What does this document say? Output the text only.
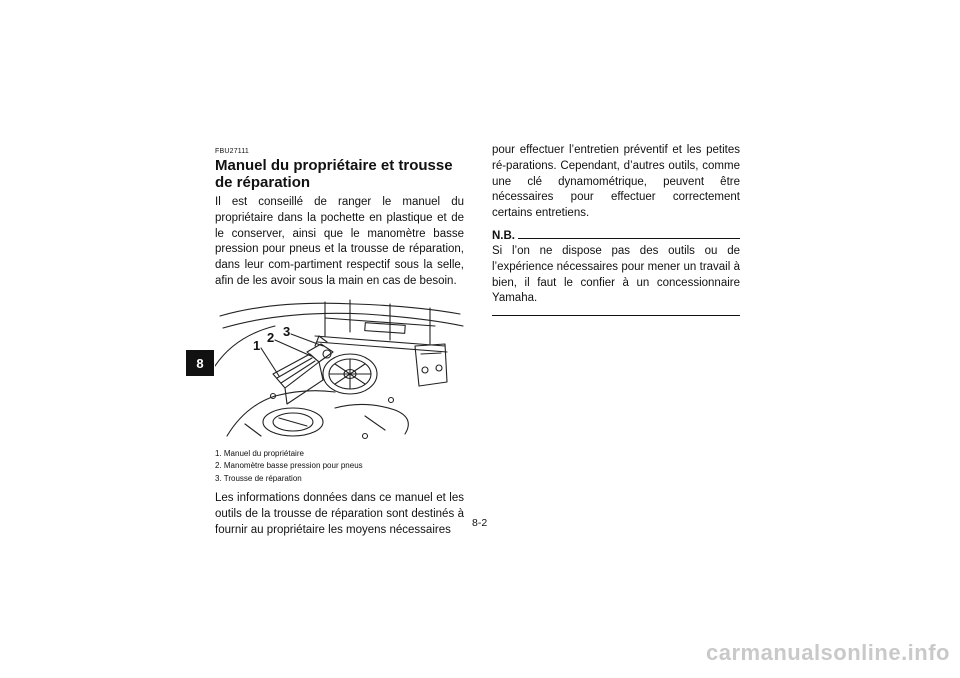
8
FBU27111
Manuel du propriétaire et trousse de réparation

Il est conseillé de ranger le manuel du propriétaire dans la pochette en plastique et de le conserver, ainsi que le manomètre basse pression pour pneus et la trousse de réparation, dans leur com-partiment respectif sous la selle, afin de les avoir sous la main en cas de besoin.

1
2 3
1. Manuel du propriétaire
2. Manomètre basse pression pour pneus
3. Trousse de réparation

Les informations données dans ce manuel et les outils de la trousse de réparation sont destinés à fournir au propriétaire les moyens nécessaires

pour effectuer l’entretien préventif et les petites ré-parations. Cependant, d’autres outils, comme une clé dynamométrique, peuvent être nécessaires pour effectuer correctement certains entretiens.

N.B.

Si l’on ne dispose pas des outils ou de l’expérience nécessaires pour mener un travail à bien, il faut le confier à un concessionnaire Yamaha.

8-2
carmanualsonline.info
